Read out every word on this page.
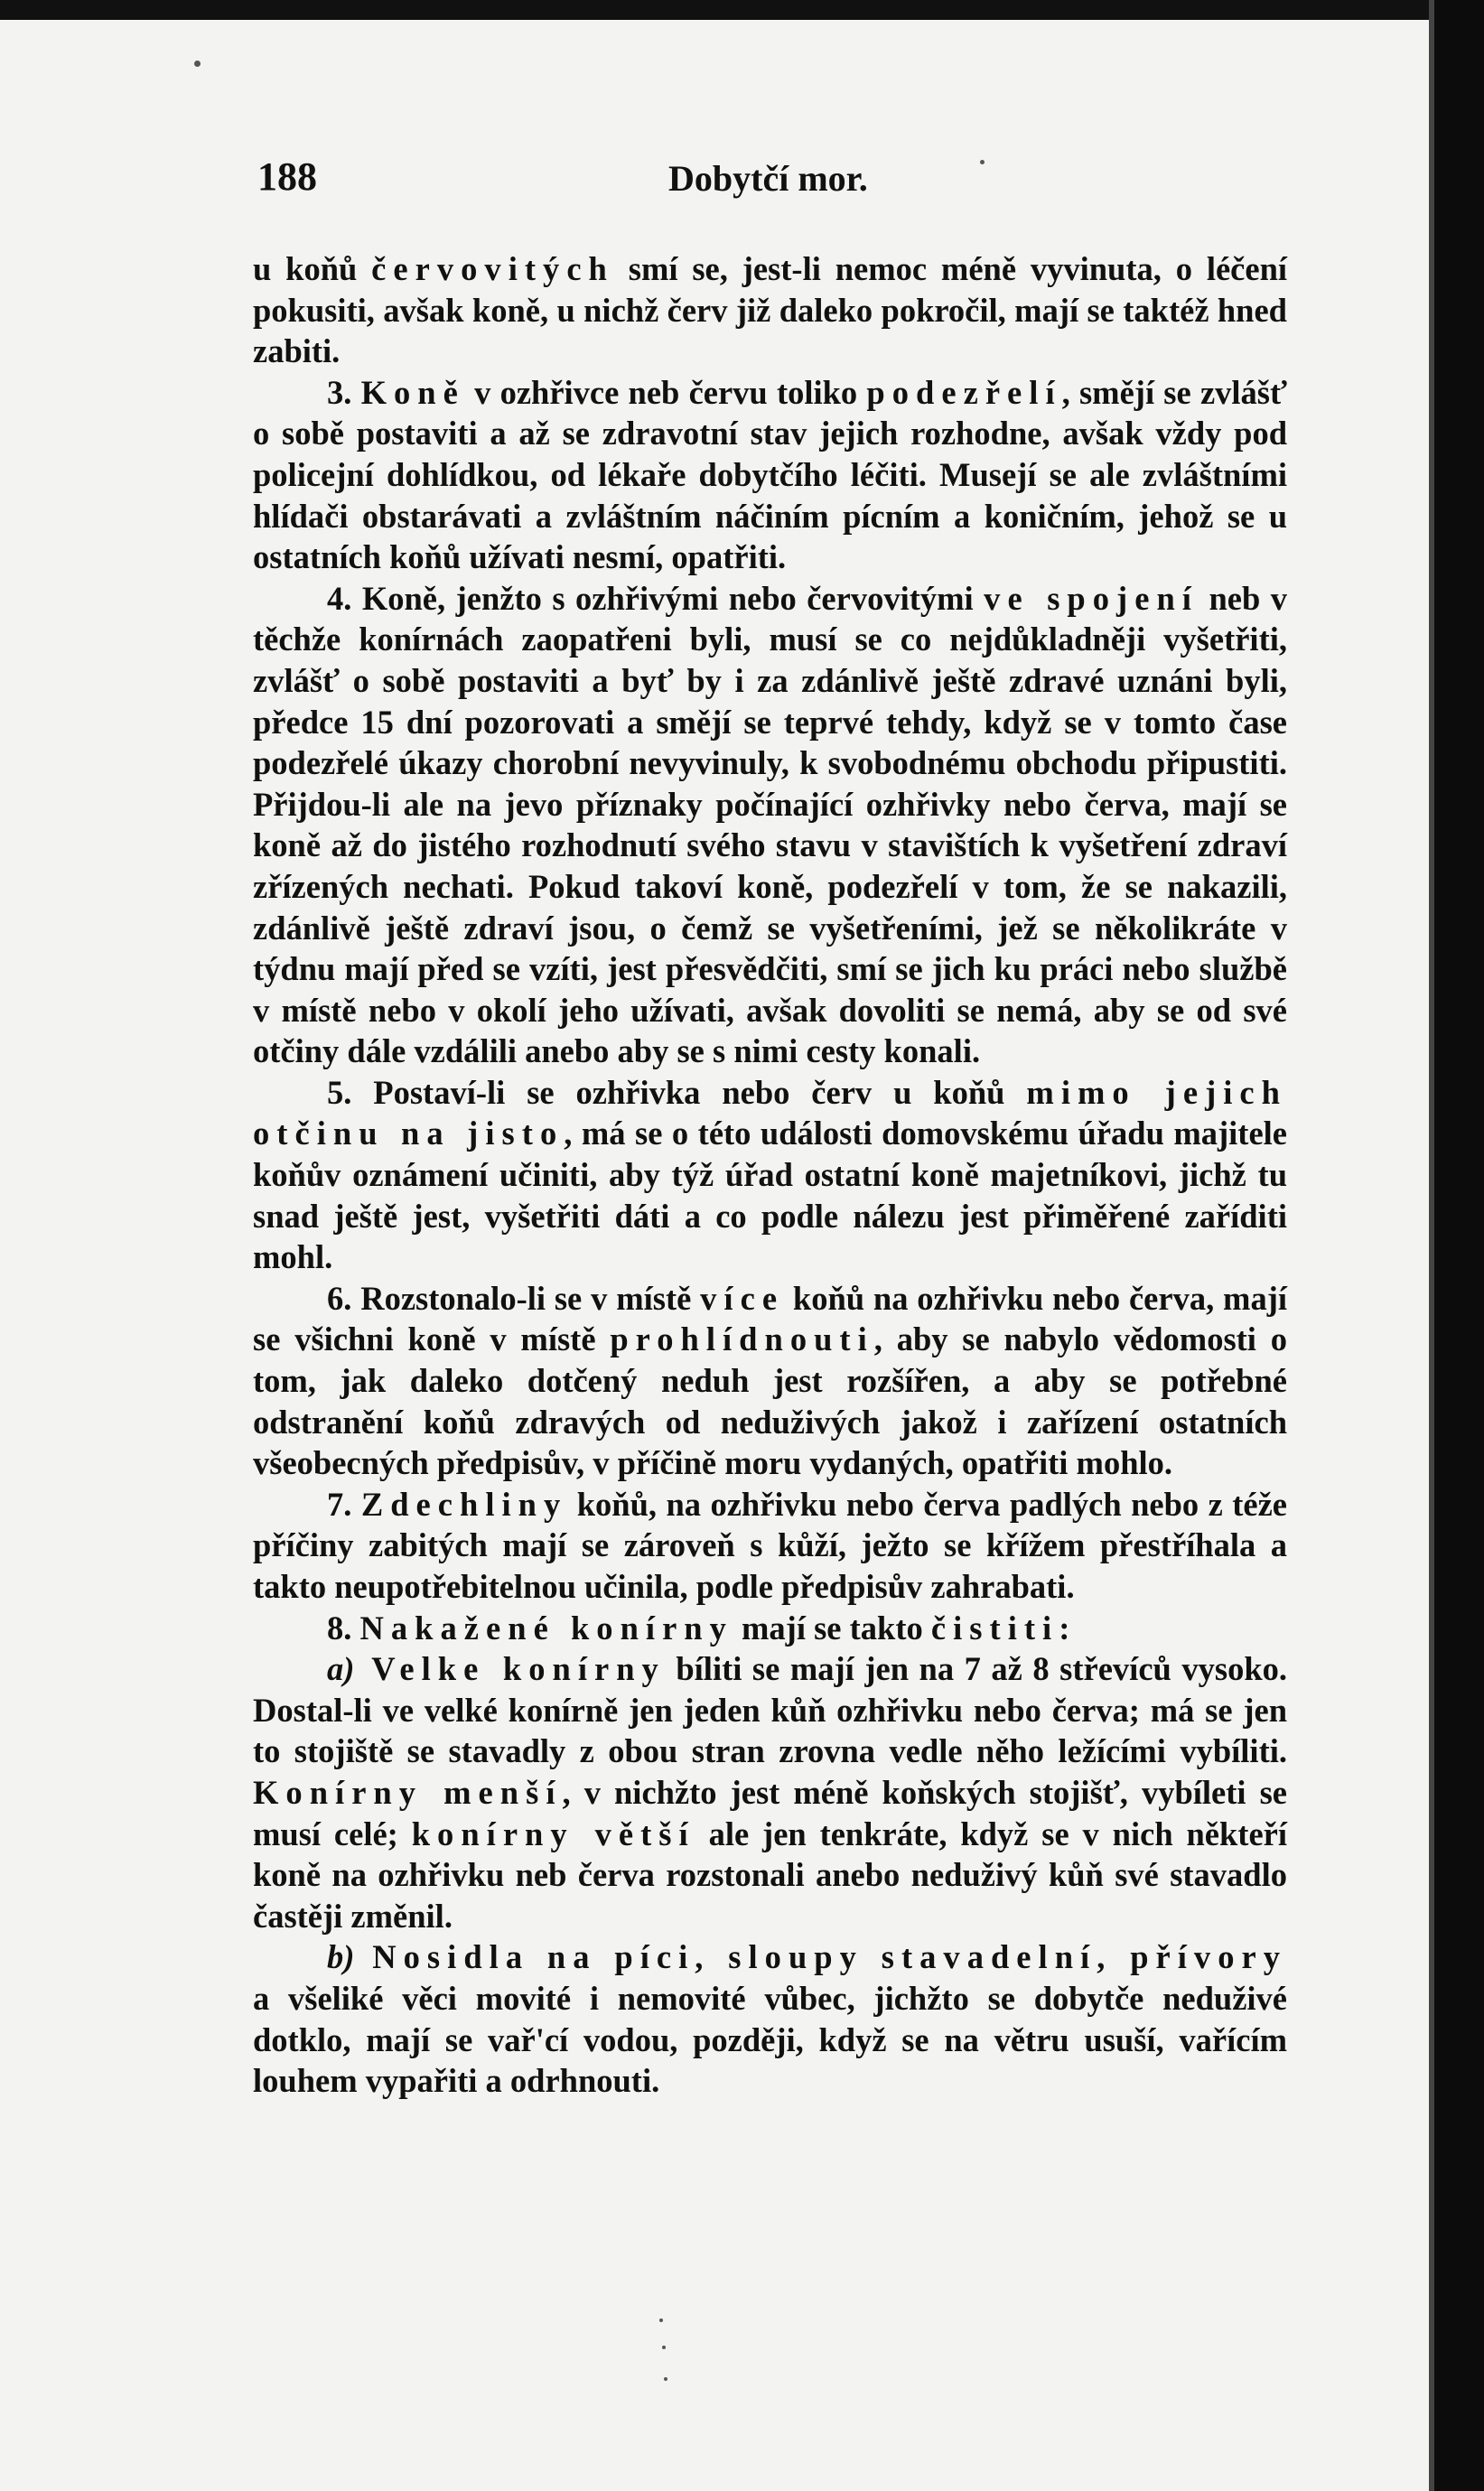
188	Dobytčí mor.

u koňů červovitých smí se, jest-li nemoc méně vyvinuta, o léčení pokusiti, avšak koně, u nichž červ již daleko pokročil, mají se taktéž hned zabiti.

3. Koně v ozhřivce neb červu toliko podezřelí, smějí se zvlášť o sobě postaviti a až se zdravotní stav jejich rozhodne, avšak vždy pod policejní dohlídkou, od lékaře dobytčího léčiti. Musejí se ale zvláštními hlídači obstarávati a zvláštním náčiním pícním a koničním, jehož se u ostatních koňů užívati nesmí, opatřiti.

4. Koně, jenžto s ozhřivými nebo červovitými ve spojení neb v těchže konírnách zaopatřeni byli, musí se co nejdůkladněji vyšetřiti, zvlášť o sobě postaviti a byť by i za zdánlivě ještě zdravé uznáni byli, předce 15 dní pozorovati a smějí se teprvé tehdy, když se v tomto čase podezřelé úkazy chorobní nevyvinuly, k svobodnému obchodu připustiti. Přijdou-li ale na jevo příznaky počínající ozhřivky nebo červa, mají se koně až do jistého rozhodnutí svého stavu v stavištích k vyšetření zdraví zřízených nechati. Pokud takoví koně, podezřelí v tom, že se nakazili, zdánlivě ještě zdraví jsou, o čemž se vyšetřeními, jež se několikráte v týdnu mají před se vzíti, jest přesvědčiti, smí se jich ku práci nebo službě v místě nebo v okolí jeho užívati, avšak dovoliti se nemá, aby se od své otčiny dále vzdálili anebo aby se s nimi cesty konali.

5. Postaví-li se ozhřivka nebo červ u koňů mimo jejich otčinu na jisto, má se o této události domovskému úřadu majitele koňův oznámení učiniti, aby týž úřad ostatní koně majetníkovi, jichž tu snad ještě jest, vyšetřiti dáti a co podle nálezu jest přiměřené zaříditi mohl.

6. Rozstonalo-li se v místě více koňů na ozhřivku nebo červa, mají se všichni koně v místě prohlídnouti, aby se nabylo vědomosti o tom, jak daleko dotčený neduh jest rozšířen, a aby se potřebné odstranění koňů zdravých od neduživých jakož i zařízení ostatních všeobecných předpisův, v příčině moru vydaných, opatřiti mohlo.

7. Zdechliny koňů, na ozhřivku nebo červa padlých nebo z téže příčiny zabitých mají se zároveň s kůží, ježto se křížem přestříhala a takto neupotřebitelnou učinila, podle předpisův zahrabati.

8. Nakažené konírny mají se takto čistiti:

a) Velke konírny bíliti se mají jen na 7 až 8 střevíců vysoko. Dostal-li ve velké konírně jen jeden kůň ozhřivku nebo červa; má se jen to stojiště se stavadly z obou stran zrovna vedle něho ležícími vybíliti. Konírny menší, v nichžto jest méně koňských stojišť, vybíleti se musí celé; konírny větší ale jen tenkráte, když se v nich někteří koně na ozhřivku neb červa rozstonali anebo neduživý kůň své stavadlo častěji změnil.

b) Nosidla na píci, sloupy stavadelní, přívory a všeliké věci movité i nemovité vůbec, jichžto se dobytče neduživé dotklo, mají se vař'cí vodou, později, když se na větru usuší, vařícím louhem vypařiti a odrhnouti.
